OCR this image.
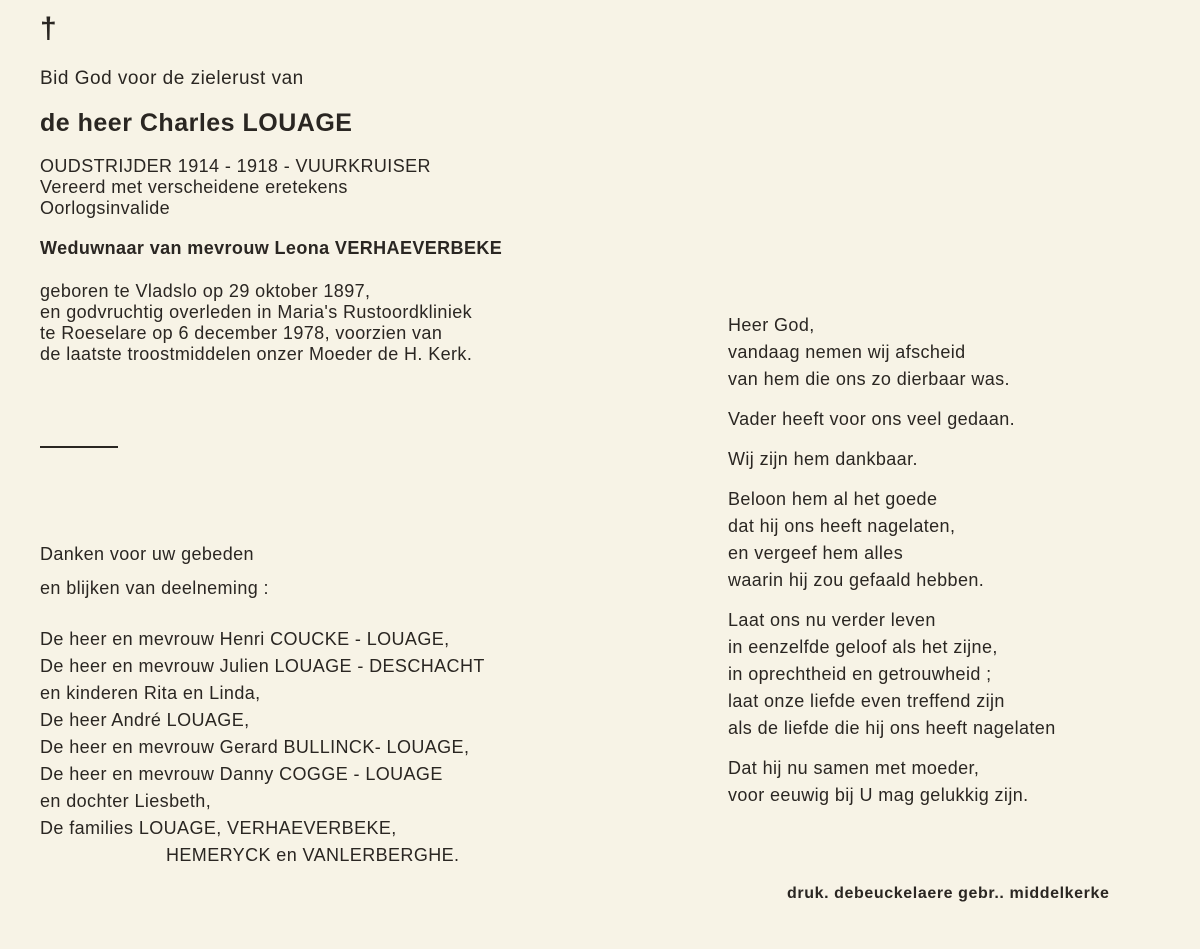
†
Bid God voor de zielerust van
de heer Charles LOUAGE
OUDSTRIJDER 1914 - 1918 - VUURKRUISER
Vereerd met verscheidene eretekens
Oorlogsinvalide
Weduwnaar van mevrouw Leona VERHAEVERBEKE
geboren te Vladslo op 29 oktober 1897,
en godvruchtig overleden in Maria's Rustoordkliniek
te Roeselare op 6 december 1978, voorzien van
de laatste troostmiddelen onzer Moeder de H. Kerk.
Danken voor uw gebeden
en blijken van deelneming :
De heer en mevrouw Henri COUCKE - LOUAGE,
De heer en mevrouw Julien LOUAGE - DESCHACHT
en kinderen Rita en Linda,
De heer André LOUAGE,
De heer en mevrouw Gerard BULLINCK- LOUAGE,
De heer en mevrouw Danny COGGE - LOUAGE
en dochter Liesbeth,
De families LOUAGE, VERHAEVERBEKE,
HEMERYCK en VANLERBERGHE.
Heer God,
vandaag nemen wij afscheid
van hem die ons zo dierbaar was.
Vader heeft voor ons veel gedaan.
Wij zijn hem dankbaar.
Beloon hem al het goede
dat hij ons heeft nagelaten,
en vergeef hem alles
waarin hij zou gefaald hebben.
Laat ons nu verder leven
in eenzelfde geloof als het zijne,
in oprechtheid en getrouwheid ;
laat onze liefde even treffend zijn
als de liefde die hij ons heeft nagelaten
Dat hij nu samen met moeder,
voor eeuwig bij U mag gelukkig zijn.
druk. debeuckelaere gebr.. middelkerke
